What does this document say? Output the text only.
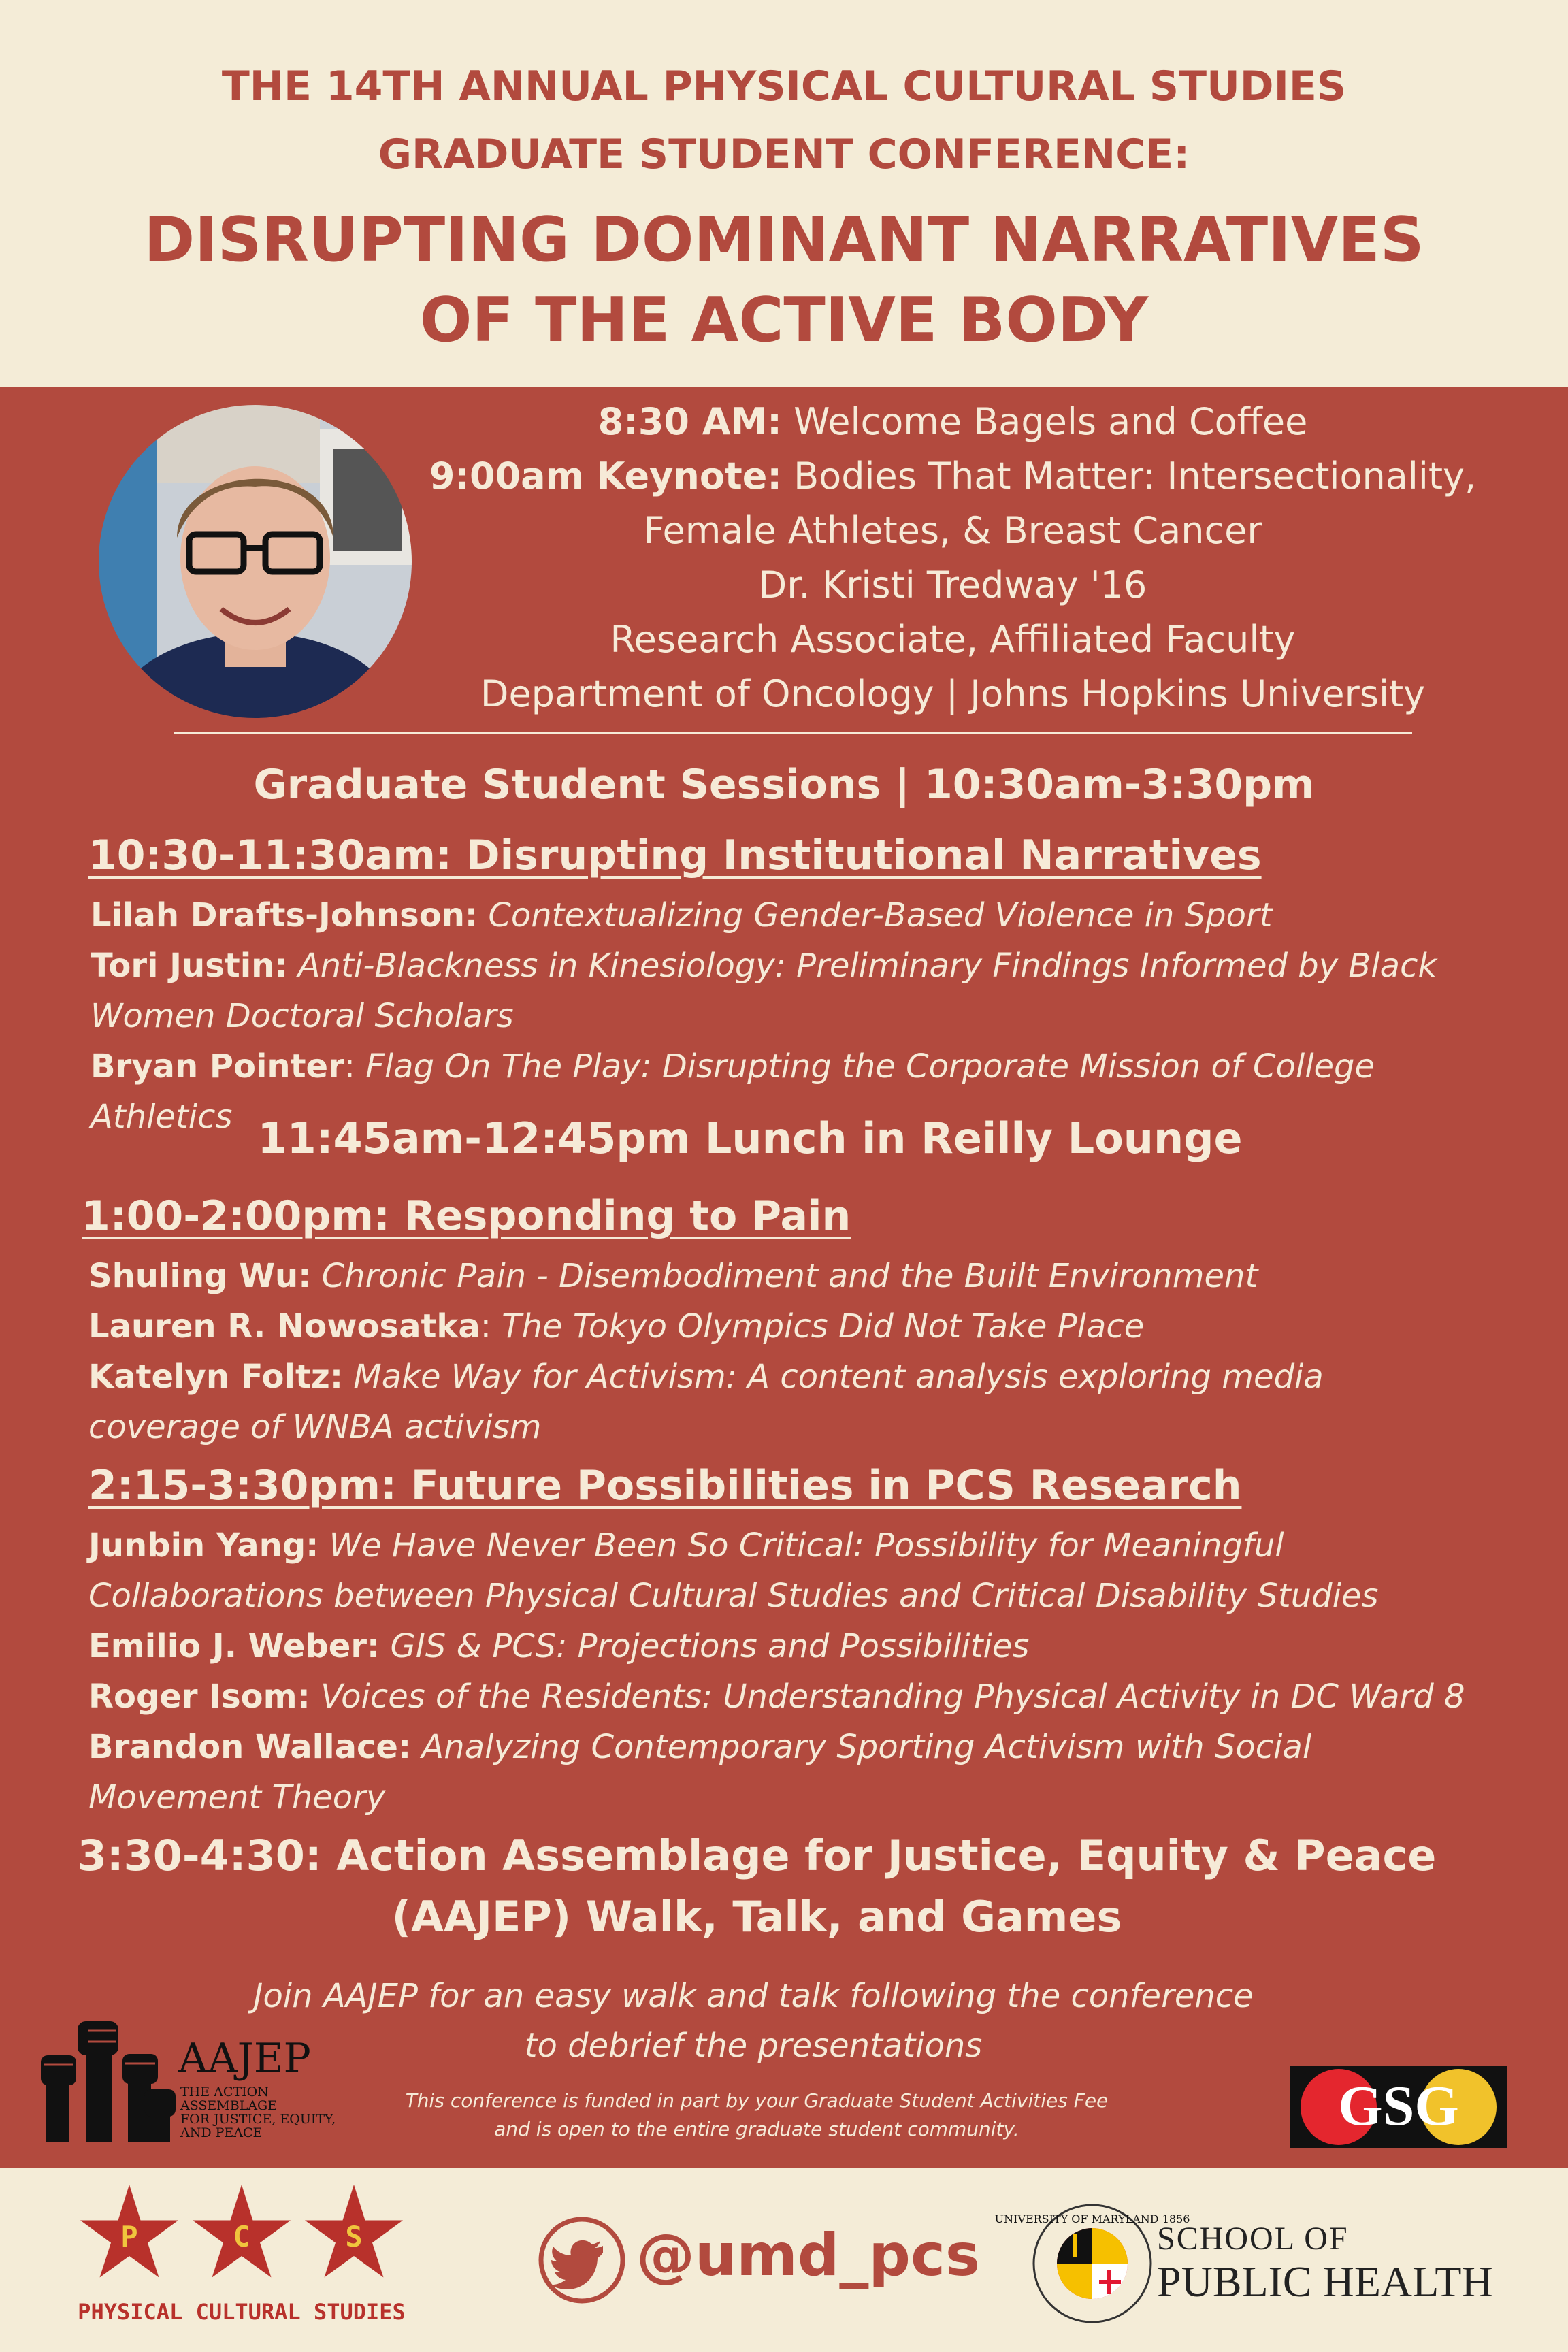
THE 14TH ANNUAL PHYSICAL CULTURAL STUDIES
GRADUATE STUDENT CONFERENCE:
DISRUPTING DOMINANT NARRATIVES
OF THE ACTIVE BODY
8:30 AM: Welcome Bagels and Coffee
9:00am Keynote: Bodies That Matter: Intersectionality,
Female Athletes, & Breast Cancer
Dr. Kristi Tredway '16
Research Associate, Affiliated Faculty
Department of Oncology | Johns Hopkins University
Graduate Student Sessions | 10:30am-3:30pm
10:30-11:30am: Disrupting Institutional Narratives
Lilah Drafts-Johnson: Contextualizing Gender-Based Violence in Sport
Tori Justin: Anti-Blackness in Kinesiology: Preliminary Findings Informed by Black
Women Doctoral Scholars
Bryan Pointer: Flag On The Play: Disrupting the Corporate Mission of College
Athletics 11:45am-12:45pm Lunch in Reilly Lounge
1:00-2:00pm: Responding to Pain
Shuling Wu: Chronic Pain - Disembodiment and the Built Environment
Lauren R. Nowosatka: The Tokyo Olympics Did Not Take Place
Katelyn Foltz: Make Way for Activism: A content analysis exploring media
coverage of WNBA activism
2:15-3:30pm: Future Possibilities in PCS Research
Junbin Yang: We Have Never Been So Critical: Possibility for Meaningful
Collaborations between Physical Cultural Studies and Critical Disability Studies
Emilio J. Weber: GIS & PCS: Projections and Possibilities
Roger Isom: Voices of the Residents: Understanding Physical Activity in DC Ward 8
Brandon Wallace: Analyzing Contemporary Sporting Activism with Social
Movement Theory
3:30-4:30: Action Assemblage for Justice, Equity & Peace
(AAJEP) Walk, Talk, and Games
Join AAJEP for an easy walk and talk following the conference
to debrief the presentations
This conference is funded in part by your Graduate Student Activities Fee
and is open to the entire graduate student community.
AAJEP
THE ACTION
ASSEMBLAGE
FOR JUSTICE, EQUITY,
AND PEACE	GSG
P	C	S
PHYSICAL CULTURAL STUDIES
@umd_pcs
UNIVERSITY OF MARYLAND 1856
SCHOOL OF
PUBLIC HEALTH
